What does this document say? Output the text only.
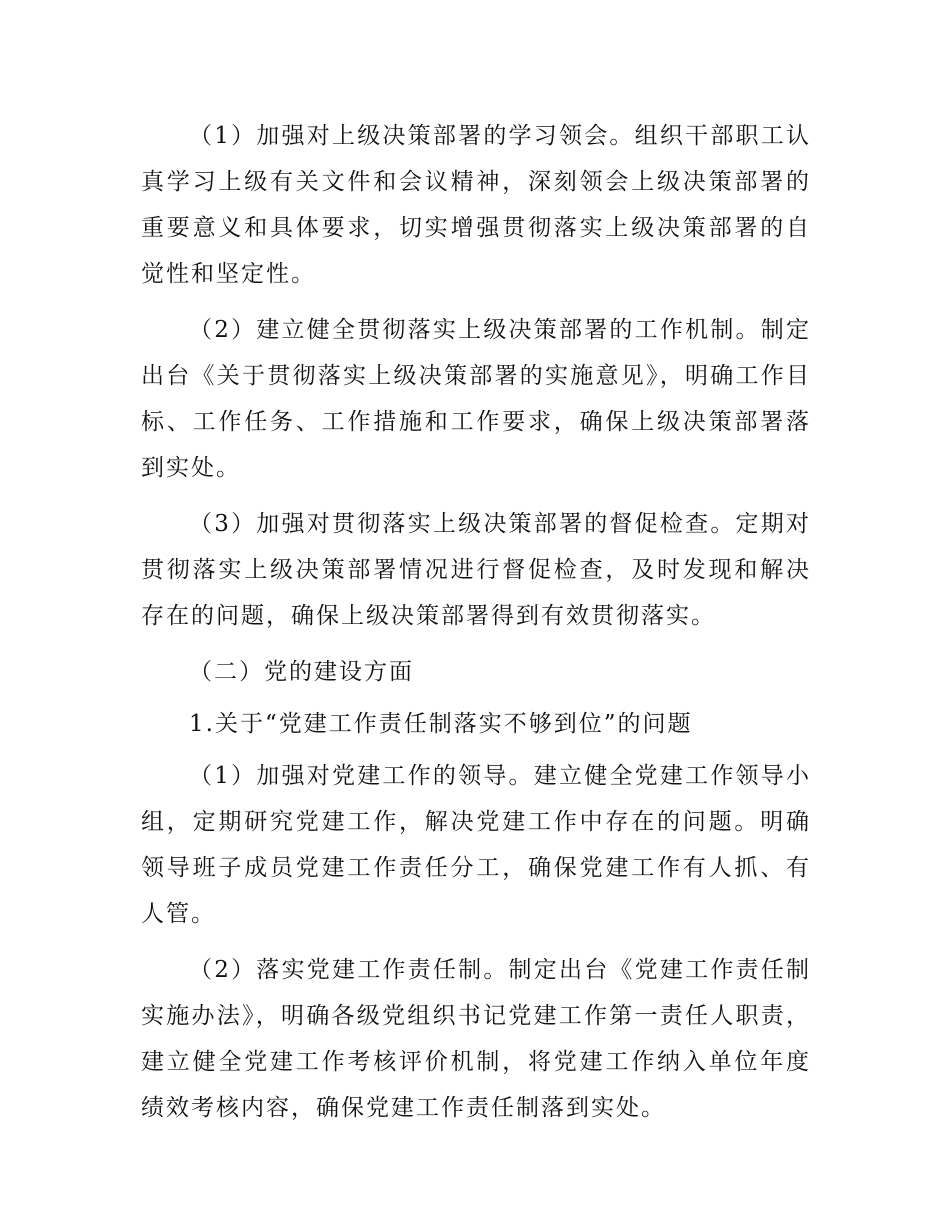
（1）加强对上级决策部署的学习领会。组织干部职工认真学习上级有关文件和会议精神，深刻领会上级决策部署的重要意义和具体要求，切实增强贯彻落实上级决策部署的自觉性和坚定性。

（2）建立健全贯彻落实上级决策部署的工作机制。制定出台《关于贯彻落实上级决策部署的实施意见》，明确工作目标、工作任务、工作措施和工作要求，确保上级决策部署落到实处。

（3）加强对贯彻落实上级决策部署的督促检查。定期对贯彻落实上级决策部署情况进行督促检查，及时发现和解决存在的问题，确保上级决策部署得到有效贯彻落实。

（二）党的建设方面

1.关于“党建工作责任制落实不够到位”的问题

（1）加强对党建工作的领导。建立健全党建工作领导小组，定期研究党建工作，解决党建工作中存在的问题。明确领导班子成员党建工作责任分工，确保党建工作有人抓、有人管。

（2）落实党建工作责任制。制定出台《党建工作责任制实施办法》，明确各级党组织书记党建工作第一责任人职责，建立健全党建工作考核评价机制，将党建工作纳入单位年度绩效考核内容，确保党建工作责任制落到实处。
